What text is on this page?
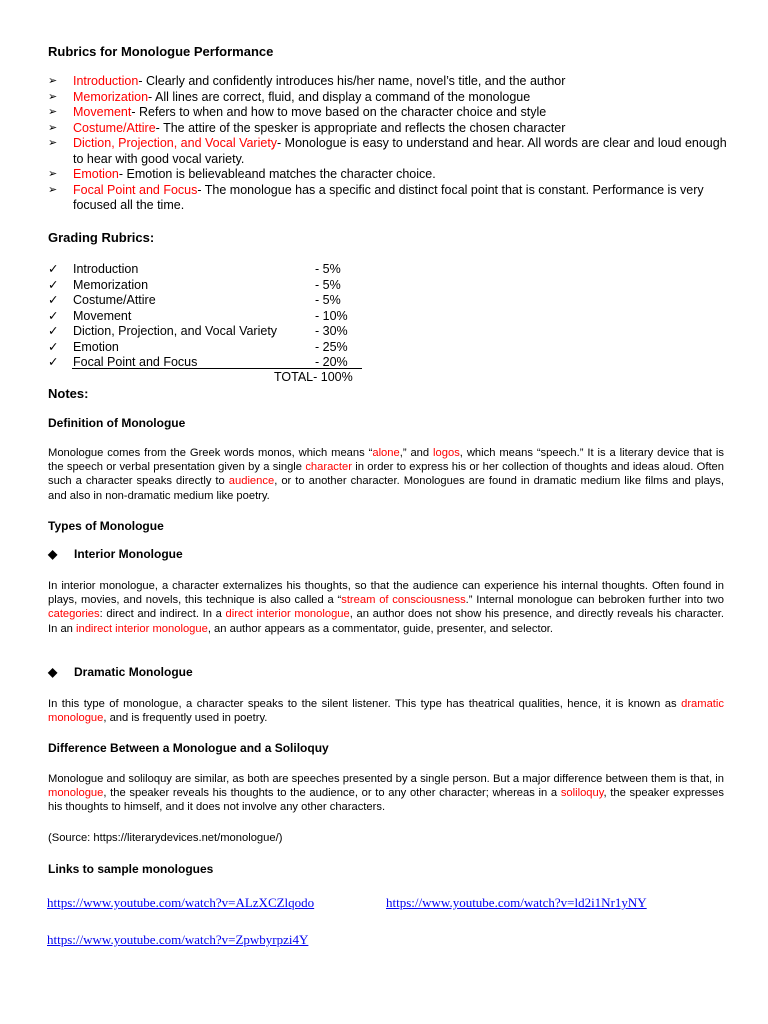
Rubrics for Monologue Performance
➢ Introduction- Clearly and confidently introduces his/her name, novel’s title, and the author
➢ Memorization- All lines are correct, fluid, and display a command of the monologue
➢ Movement- Refers to when and how to move based on the character choice and style
➢ Costume/Attire- The attire of the spesker is appropriate and reflects the chosen character
➢ Diction, Projection, and Vocal Variety- Monologue is easy to understand and hear. All words are clear and loud enough to hear with good vocal variety.
➢ Emotion- Emotion is believableand matches the character choice.
➢ Focal Point and Focus- The monologue has a specific and distinct focal point that is constant. Performance is very focused all the time.
Grading Rubrics:
✓ Introduction	- 5%
✓ Memorization	- 5%
✓ Costume/Attire	- 5%
✓ Movement	- 10%
✓ Diction, Projection, and Vocal Variety	- 30%
✓ Emotion	- 25%
✓ Focal Point and Focus	- 20%
TOTAL- 100%
Notes:
Definition of Monologue
Monologue comes from the Greek words monos, which means “alone,” and logos, which means “speech.” It is a literary device that is the speech or verbal presentation given by a single character in order to express his or her collection of thoughts and ideas aloud. Often such a character speaks directly to audience, or to another character. Monologues are found in dramatic medium like films and plays, and also in non-dramatic medium like poetry.
Types of Monologue
◆ Interior Monologue
In interior monologue, a character externalizes his thoughts, so that the audience can experience his internal thoughts. Often found in plays, movies, and novels, this technique is also called a “stream of consciousness.” Internal monologue can bebroken further into two categories: direct and indirect. In a direct interior monologue, an author does not show his presence, and directly reveals his character. In an indirect interior monologue, an author appears as a commentator, guide, presenter, and selector.
◆ Dramatic Monologue
In this type of monologue, a character speaks to the silent listener. This type has theatrical qualities, hence, it is known as dramatic monologue, and is frequently used in poetry.
Difference Between a Monologue and a Soliloquy
Monologue and soliloquy are similar, as both are speeches presented by a single person. But a major difference between them is that, in monologue, the speaker reveals his thoughts to the audience, or to any other character; whereas in a soliloquy, the speaker expresses his thoughts to himself, and it does not involve any other characters.
(Source: https://literarydevices.net/monologue/)
Links to sample monologues
https://www.youtube.com/watch?v=ALzXCZlqodo	https://www.youtube.com/watch?v=ld2i1Nr1yNY
https://www.youtube.com/watch?v=Zpwbyrpzi4Y
